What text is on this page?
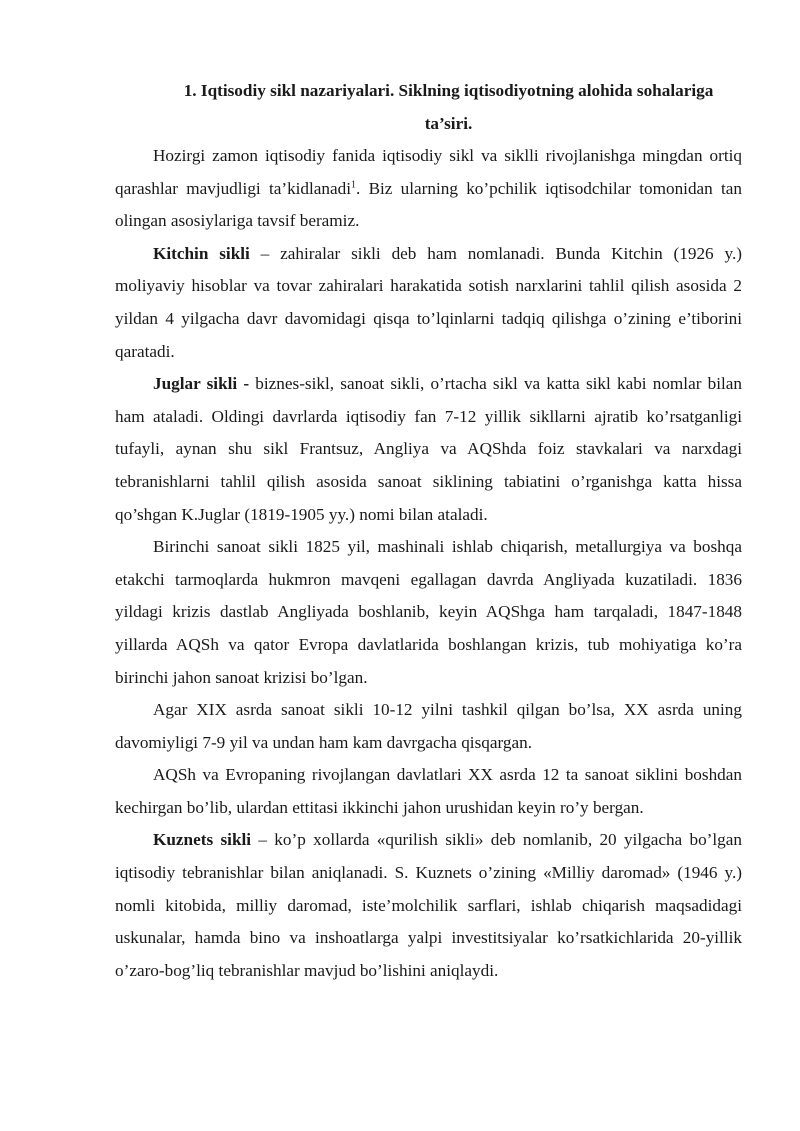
1. Iqtisodiy sikl nazariyalari. Siklning iqtisodiyotning alohida sohalariga
ta’siri.

Hozirgi zamon iqtisodiy fanida iqtisodiy sikl va siklli rivojlanishga mingdan ortiq qarashlar mavjudligi ta’kidlanadi$^1$. Biz ularning ko’pchilik iqtisodchilar tomonidan tan olingan asosiylariga tavsif beramiz.

Kitchin sikli – zahiralar sikli deb ham nomlanadi. Bunda Kitchin (1926 y.) moliyaviy hisoblar va tovar zahiralari harakatida sotish narxlarini tahlil qilish asosida 2 yildan 4 yilgacha davr davomidagi qisqa to’lqinlarni tadqiq qilishga o’zining e’tiborini qaratadi.

Juglar sikli - biznes-sikl, sanoat sikli, o’rtacha sikl va katta sikl kabi nomlar bilan ham ataladi. Oldingi davrlarda iqtisodiy fan 7-12 yillik sikllarni ajratib ko’rsatganligi tufayli, aynan shu sikl Frantsuz, Angliya va AQShda foiz stavkalari va narxdagi tebranishlarni tahlil qilish asosida sanoat siklining tabiatini o’rganishga katta hissa qo’shgan K.Juglar (1819-1905 yy.) nomi bilan ataladi.

Birinchi sanoat sikli 1825 yil, mashinali ishlab chiqarish, metallurgiya va boshqa etakchi tarmoqlarda hukmron mavqeni egallagan davrda Angliyada kuzatiladi. 1836 yildagi krizis dastlab Angliyada boshlanib, keyin AQShga ham tarqaladi, 1847-1848 yillarda AQSh va qator Evropa davlatlarida boshlangan krizis, tub mohiyatiga ko’ra birinchi jahon sanoat krizisi bo’lgan.

Agar XIX asrda sanoat sikli 10-12 yilni tashkil qilgan bo’lsa, XX asrda uning davomiyligi 7-9 yil va undan ham kam davrgacha qisqargan.

AQSh va Evropaning rivojlangan davlatlari XX asrda 12 ta sanoat siklini boshdan kechirgan bo’lib, ulardan ettitasi ikkinchi jahon urushidan keyin ro’y bergan.

Kuznets sikli – ko’p xollarda «qurilish sikli» deb nomlanib, 20 yilgacha bo’lgan iqtisodiy tebranishlar bilan aniqlanadi. S. Kuznets o’zining «Milliy daromad» (1946 y.) nomli kitobida, milliy daromad, iste’molchilik sarflari, ishlab chiqarish maqsadidagi uskunalar, hamda bino va inshoatlarga yalpi investitsiyalar ko’rsatkichlarida 20-yillik o’zaro-bog’liq tebranishlar mavjud bo’lishini aniqlaydi.
